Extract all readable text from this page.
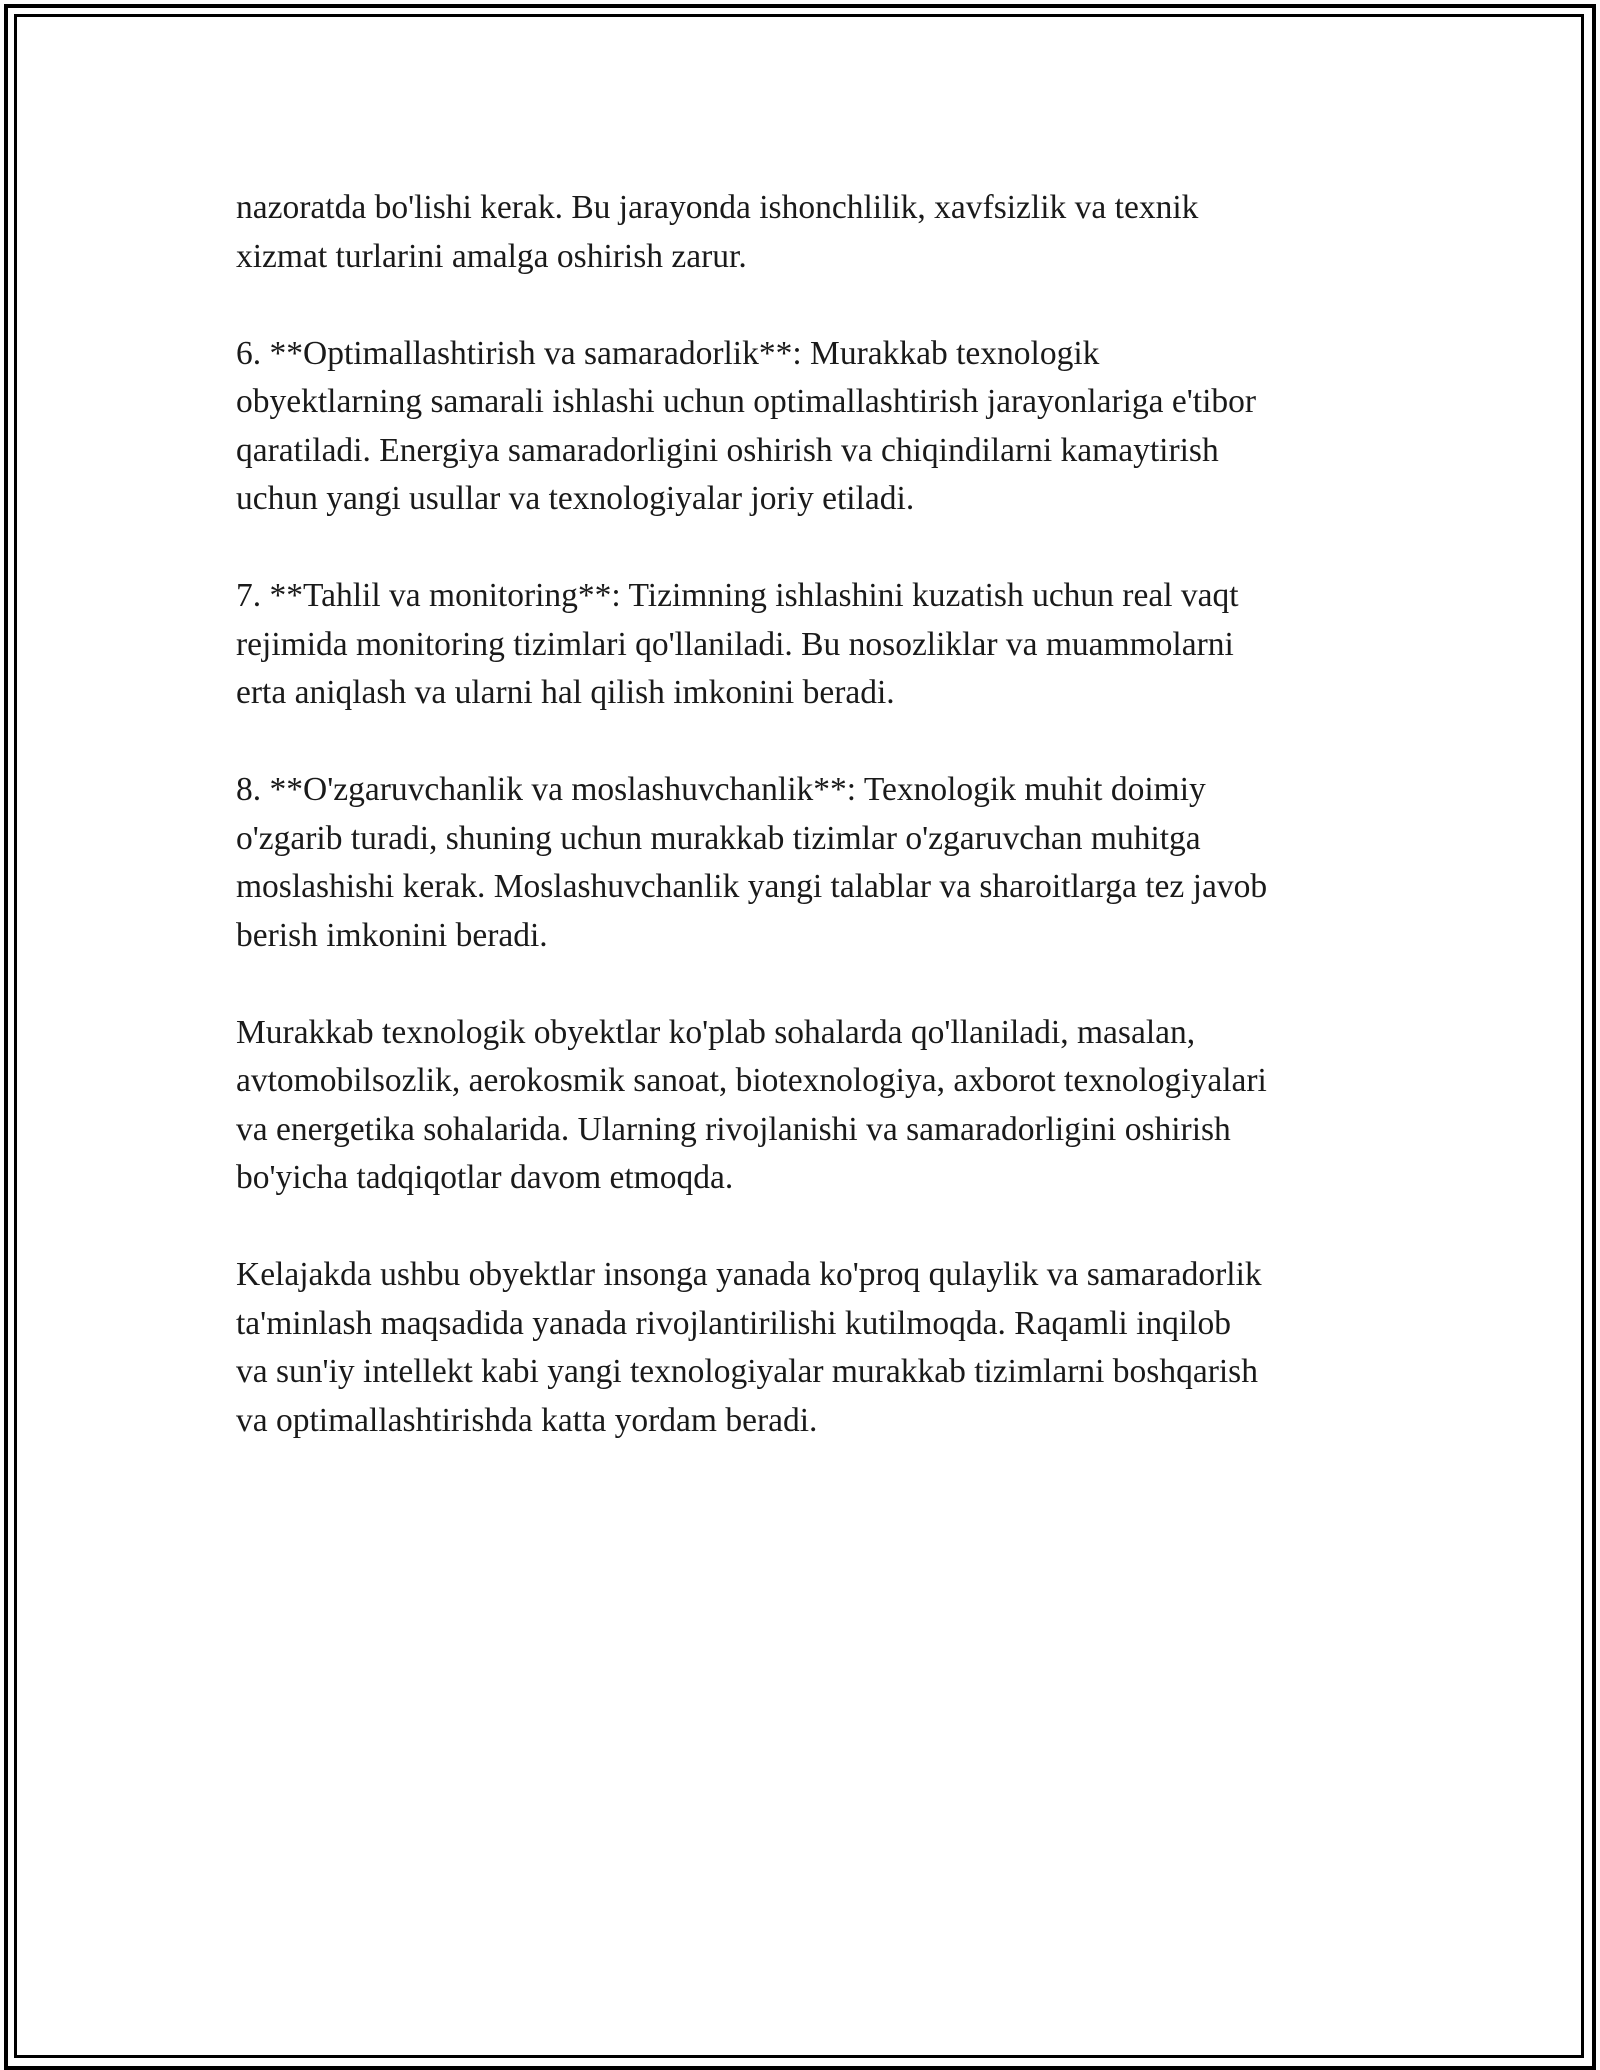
nazoratda bo'lishi kerak. Bu jarayonda ishonchlilik, xavfsizlik va texnik
xizmat turlarini amalga oshirish zarur.

6. **Optimallashtirish va samaradorlik**: Murakkab texnologik
obyektlarning samarali ishlashi uchun optimallashtirish jarayonlariga e'tibor
qaratiladi. Energiya samaradorligini oshirish va chiqindilarni kamaytirish
uchun yangi usullar va texnologiyalar joriy etiladi.

7. **Tahlil va monitoring**: Tizimning ishlashini kuzatish uchun real vaqt
rejimida monitoring tizimlari qo'llaniladi. Bu nosozliklar va muammolarni
erta aniqlash va ularni hal qilish imkonini beradi.

8. **O'zgaruvchanlik va moslashuvchanlik**: Texnologik muhit doimiy
o'zgarib turadi, shuning uchun murakkab tizimlar o'zgaruvchan muhitga
moslashishi kerak. Moslashuvchanlik yangi talablar va sharoitlarga tez javob
berish imkonini beradi.

Murakkab texnologik obyektlar ko'plab sohalarda qo'llaniladi, masalan,
avtomobilsozlik, aerokosmik sanoat, biotexnologiya, axborot texnologiyalari
va energetika sohalarida. Ularning rivojlanishi va samaradorligini oshirish
bo'yicha tadqiqotlar davom etmoqda.

Kelajakda ushbu obyektlar insonga yanada ko'proq qulaylik va samaradorlik
ta'minlash maqsadida yanada rivojlantirilishi kutilmoqda. Raqamli inqilob
va sun'iy intellekt kabi yangi texnologiyalar murakkab tizimlarni boshqarish
va optimallashtirishda katta yordam beradi.
